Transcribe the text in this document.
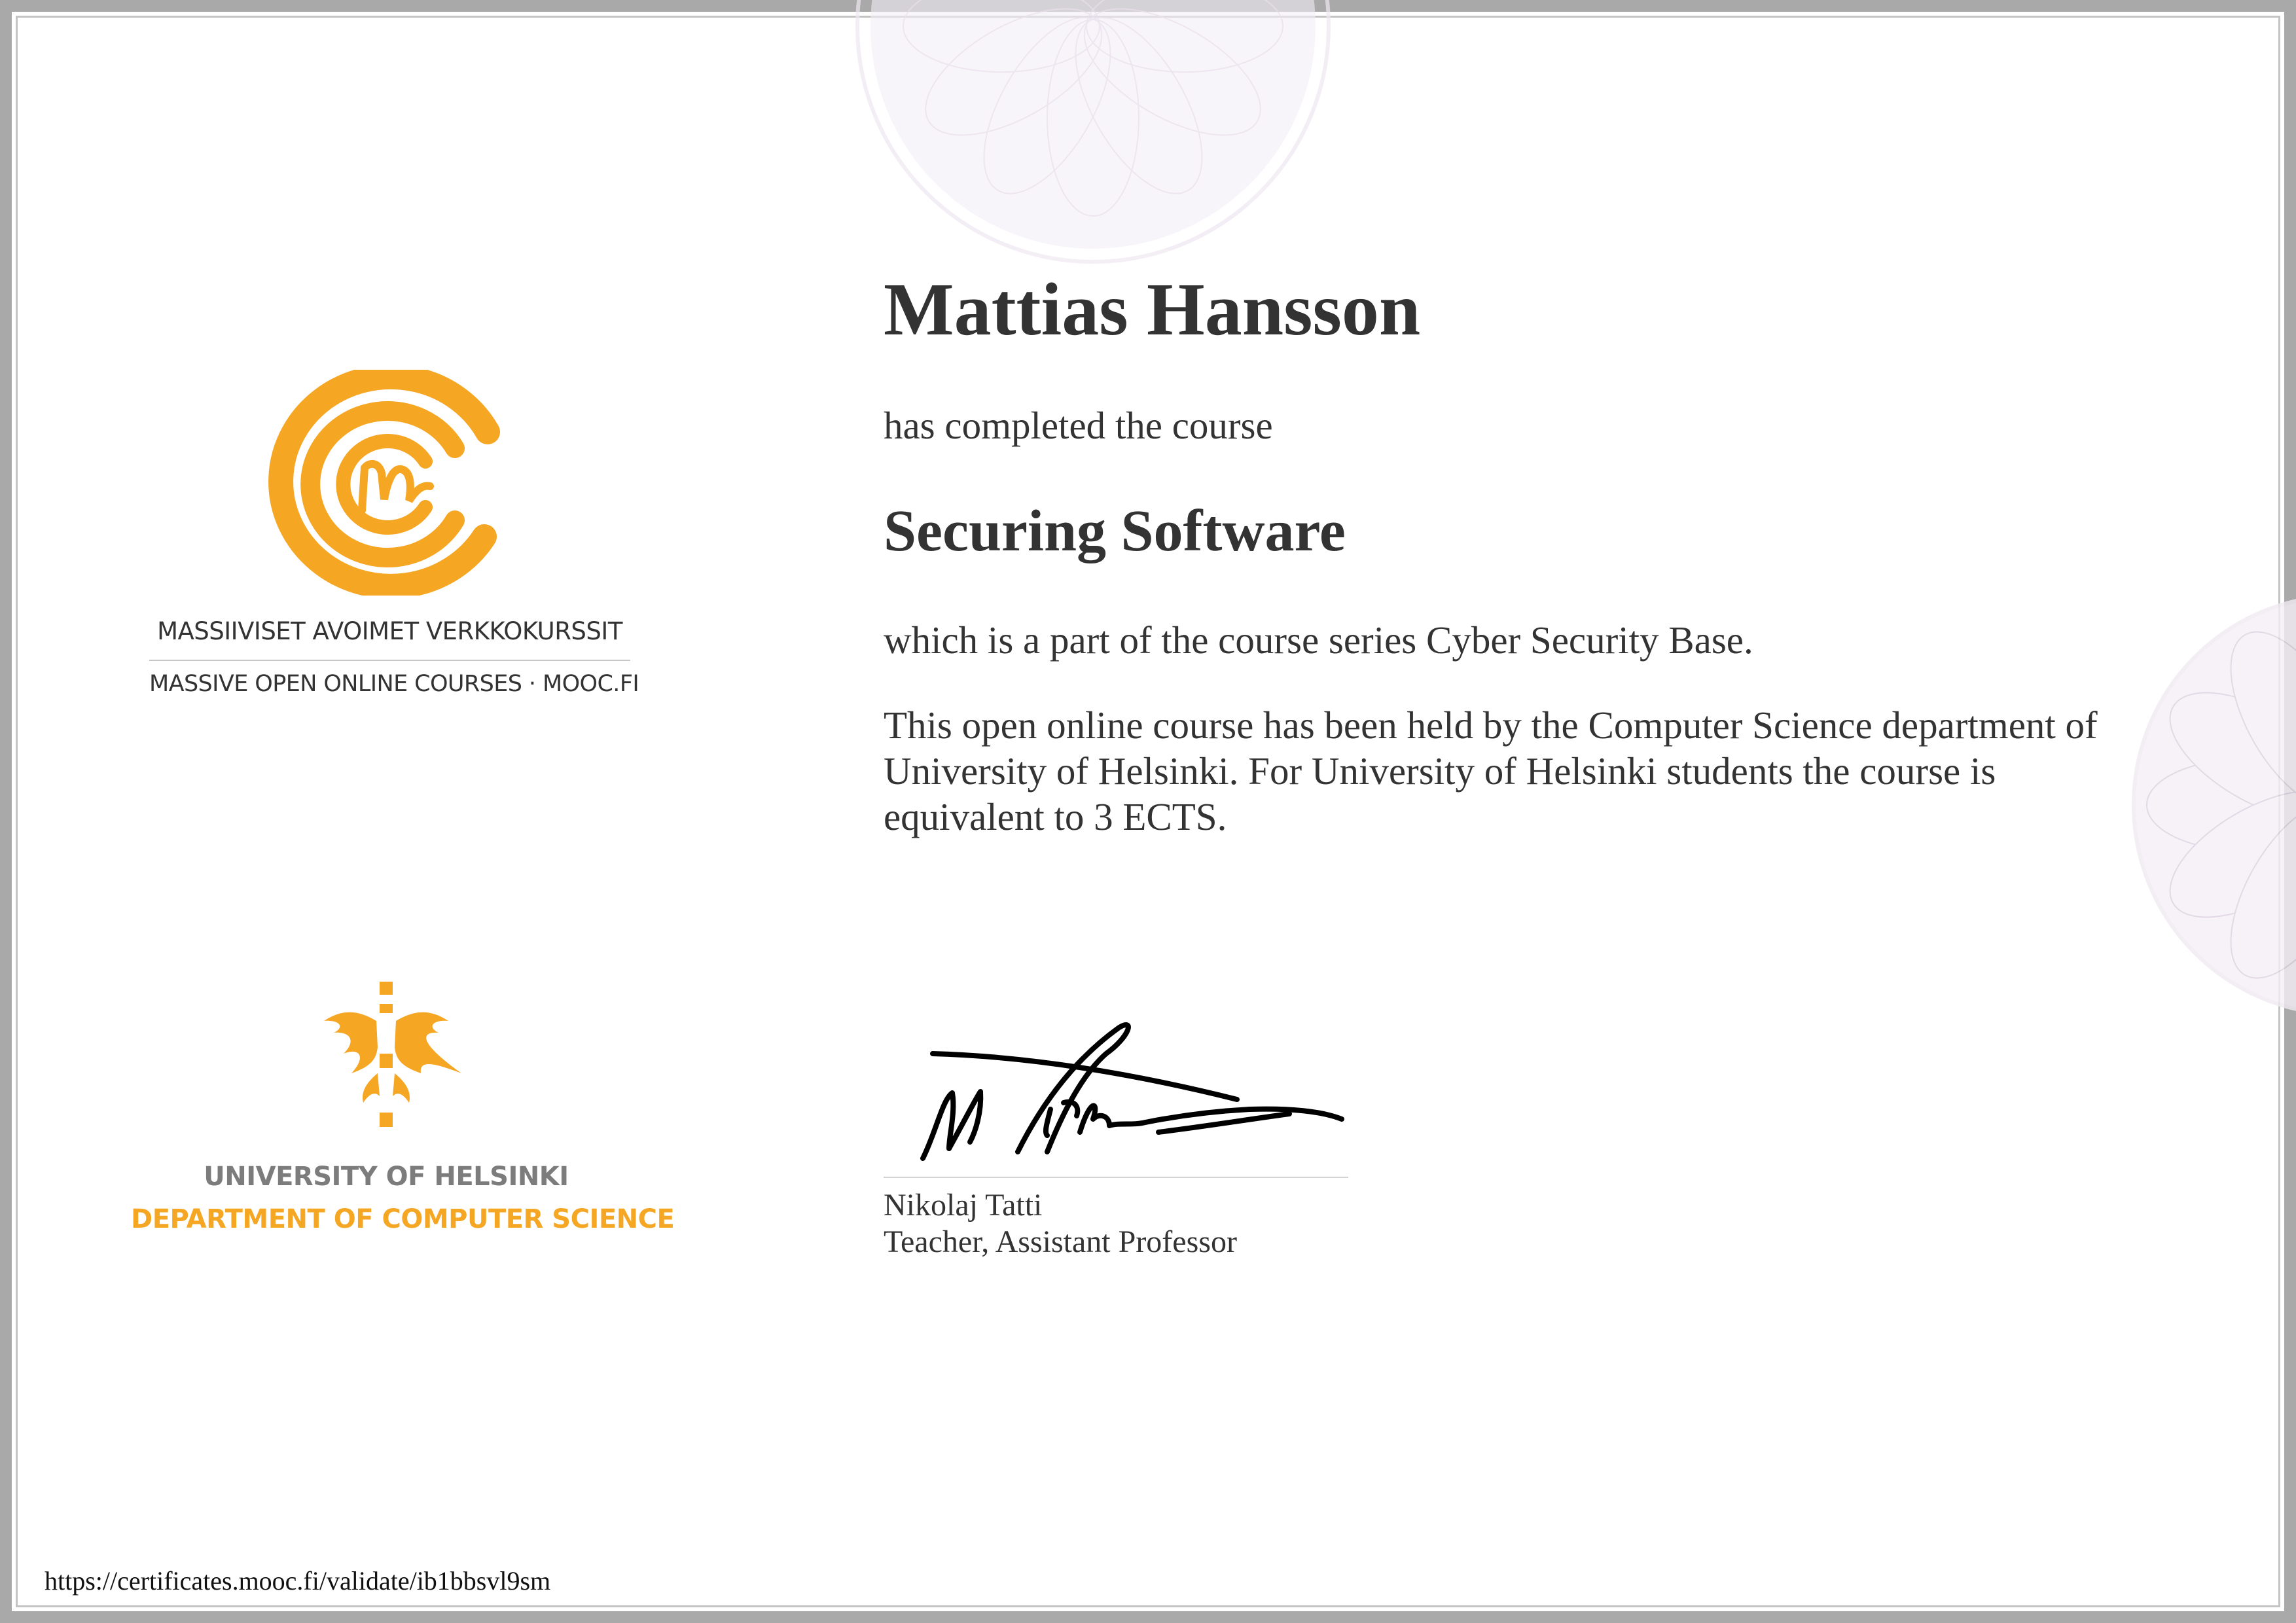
MASSIIVISET AVOIMET VERKKOKURSSIT
MASSIVE OPEN ONLINE COURSES · MOOC.FI
UNIVERSITY OF HELSINKI
DEPARTMENT OF COMPUTER SCIENCE
Mattias Hansson
has completed the course
Securing Software
which is a part of the course series Cyber Security Base.
This open online course has been held by the Computer Science department of University of Helsinki. For University of Helsinki students the course is equivalent to 3 ECTS.
Nikolaj Tatti
Teacher, Assistant Professor
https://certificates.mooc.fi/validate/ib1bbsvl9sm
